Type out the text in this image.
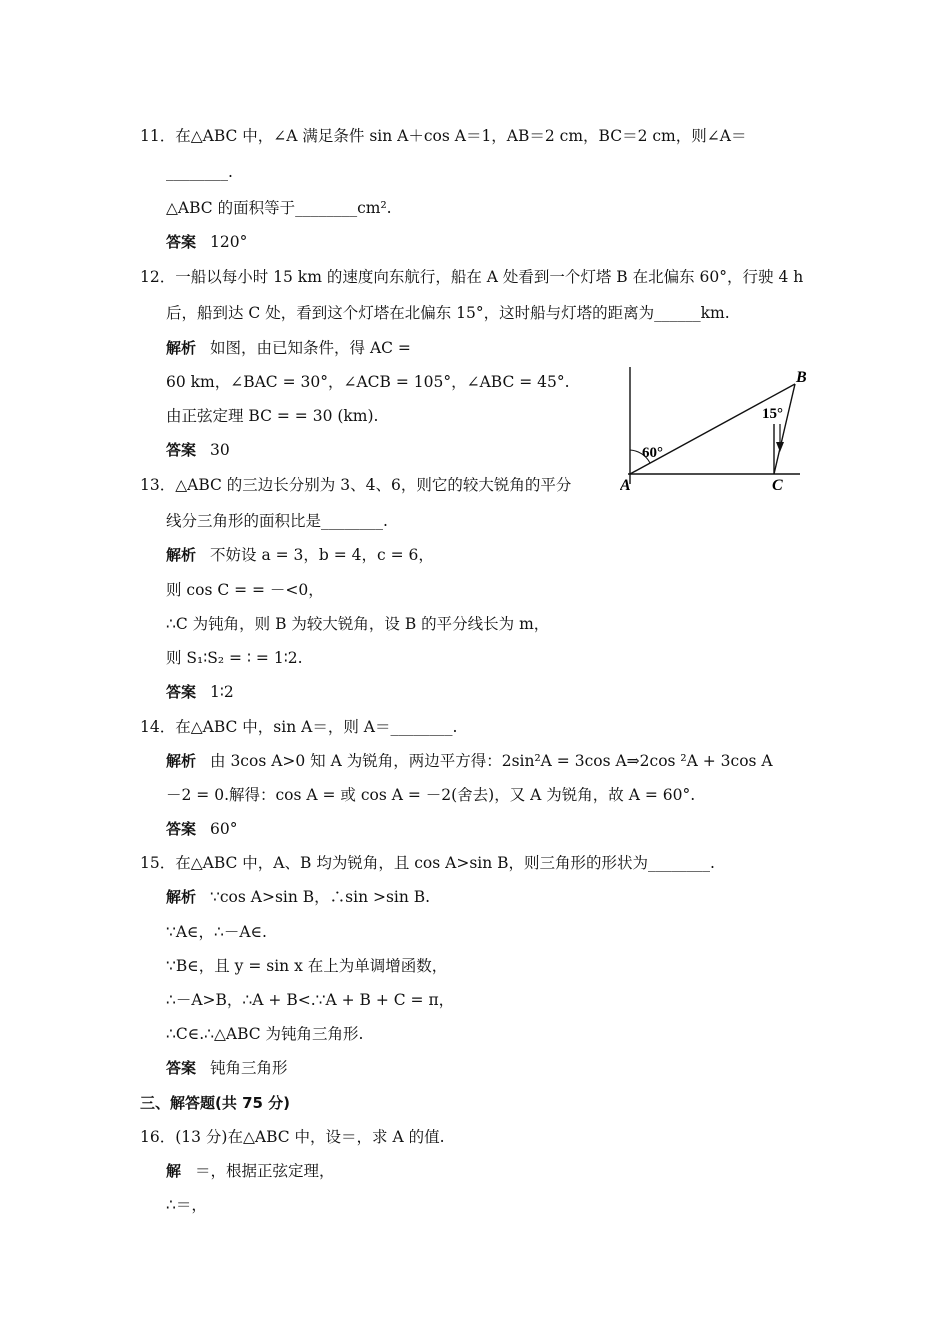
11．在△ABC 中，∠A 满足条件 sin A＋cos A＝1，AB＝2 cm，BC＝2 cm，则∠A＝
________.
△ABC 的面积等于________cm².
答案 120°
12．一船以每小时 15 km 的速度向东航行，船在 A 处看到一个灯塔 B 在北偏东 60°，行驶 4 h
后，船到达 C 处，看到这个灯塔在北偏东 15°，这时船与灯塔的距离为______km.
解析 如图，由已知条件，得 AC =
60 km，∠BAC = 30°，∠ACB = 105°，∠ABC = 45°.
由正弦定理 BC = = 30 (km).
答案 30
B
A	C
60°
15°
13．△ABC 的三边长分别为 3、4、6，则它的较大锐角的平分
线分三角形的面积比是________.
解析 不妨设 a = 3，b = 4，c = 6，
则 cos C = = －<0，
∴C 为钝角，则 B 为较大锐角，设 B 的平分线长为 m，
则 S₁∶S₂ = ∶ = 1∶2.
答案 1∶2
14．在△ABC 中，sin A＝，则 A＝________.
解析 由 3cos A>0 知 A 为锐角，两边平方得：2sin²A = 3cos A⇒2cos ²A + 3cos A
－2 = 0.解得：cos A = 或 cos A = －2(舍去)，又 A 为锐角，故 A = 60°.
答案 60°
15．在△ABC 中，A、B 均为锐角，且 cos A>sin B，则三角形的形状为________.
解析 ∵cos A>sin B，∴sin >sin B.
∵A∈，∴－A∈.
∵B∈，且 y = sin x 在上为单调增函数，
∴－A>B，∴A + B<.∵A + B + C = π，
∴C∈.∴△ABC 为钝角三角形.
答案 钝角三角形
三、解答题(共 75 分)
16．(13 分)在△ABC 中，设＝，求 A 的值.
解 ＝，根据正弦定理，
∴＝，
